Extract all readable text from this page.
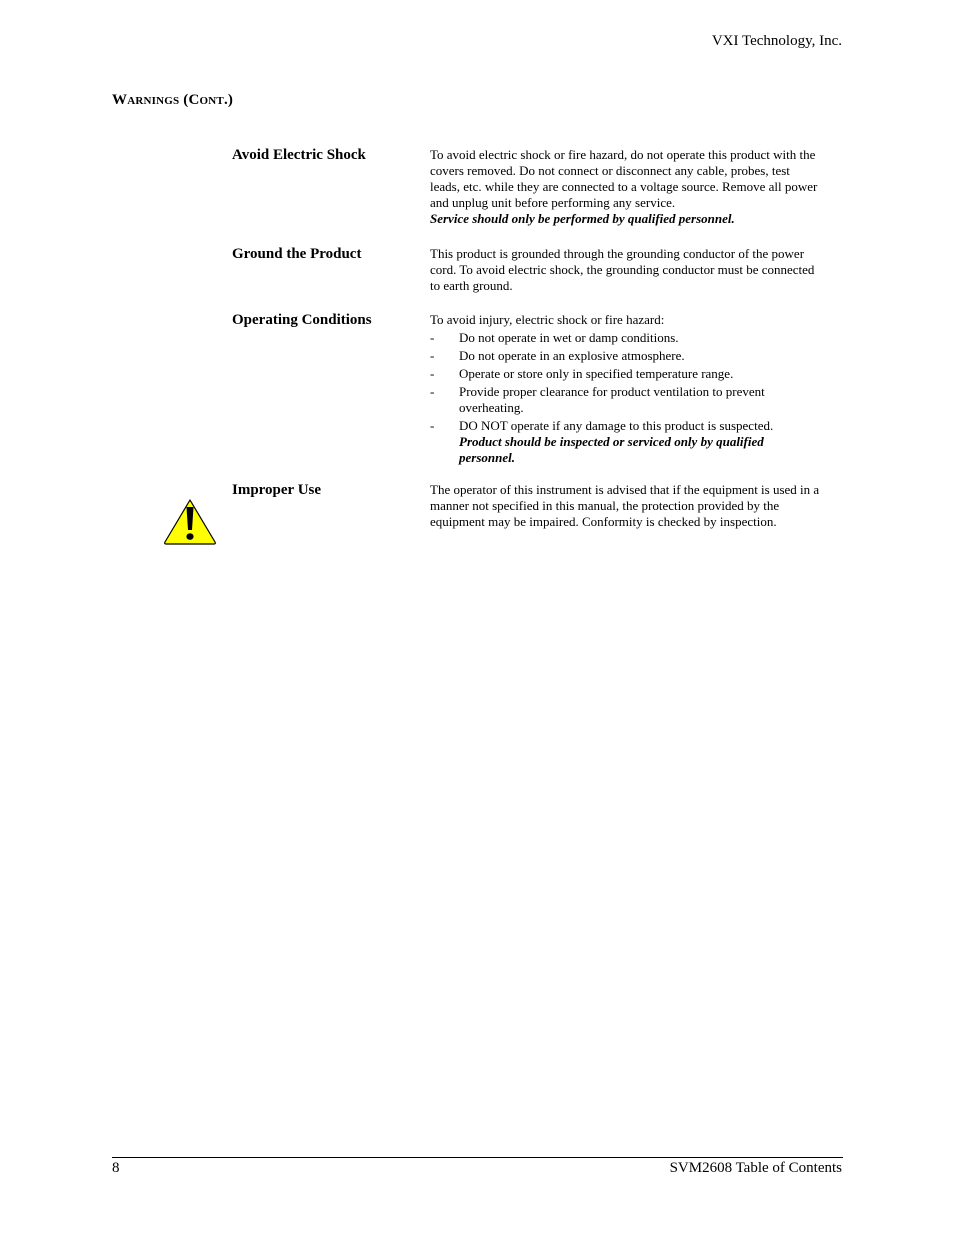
VXI Technology, Inc.
Warnings (Cont.)
Avoid Electric Shock	To avoid electric shock or fire hazard, do not operate this product with the covers removed. Do not connect or disconnect any cable, probes, test leads, etc. while they are connected to a voltage source. Remove all power and unplug unit before performing any service.
Service should only be performed by qualified personnel.
Ground the Product	This product is grounded through the grounding conductor of the power cord. To avoid electric shock, the grounding conductor must be connected to earth ground.
Operating Conditions	To avoid injury, electric shock or fire hazard:
- Do not operate in wet or damp conditions.
- Do not operate in an explosive atmosphere.
- Operate or store only in specified temperature range.
- Provide proper clearance for product ventilation to prevent overheating.
- DO NOT operate if any damage to this product is suspected.
Product should be inspected or serviced only by qualified personnel.
Improper Use	The operator of this instrument is advised that if the equipment is used in a manner not specified in this manual, the protection provided by the equipment may be impaired. Conformity is checked by inspection.
8	SVM2608 Table of Contents
